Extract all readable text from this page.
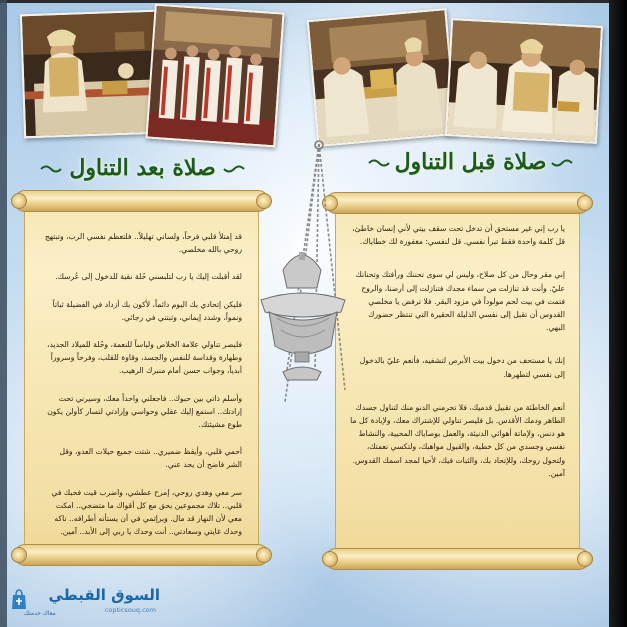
صلاة بعد التناول	صلاة قبل التناول

قد إمتلأ قلبي فرحاً، ولساني تهليلاً.. فلتعظم نفسي الرب، وتبتهج روحي بالله مخلصي.

لقد أقبلت إليك يا رب لتلبسني حُلة نقية للدخول إلى عُرسك.

فليكن إتحادي بك اليوم دائماً، لأكون بك أزداد في الفضيلة ثباتاً ونمواً، وشدد إيماني، وثبتني في رجائي.

فليصر تناولي علامة الخلاص ولباساً للنعمة، وحُلة للميلاد الجديد، وطهارة وقداسة للنفس والجسد، وقاوة للقلب، وفرحاً وسروراً أبدياً، وجواب حسن أمام منبرك الرهيب.

وأسلم ذاتي بين حبوك.. فاجعلني واحداً معك، وسيرني تحت إرادتك.. استمع إليك عقلي وحواسي وإرادتي لتسار كأولن يكون طوع مشيئتك.

أحمي قلبي، وأيقظ ضميري.. شتت جميع حيلات العدو، وقل الشر فاضح أن يحد عني.

سر معي وهدي روحي، إمرح عطشي، واضرب قيت فحبك في قلبي.. تلاك مجموعين بحق مع كل أقواك ما متضجي.. امكت معي لأن النهار قد مال. وبرإتمي في أن يستأنه أطرافه.. ناكه وحدك غايتي وسعادتي.. أنت وحدك يا ربي إلى الأبد.. آمين.

يا رب إني غير مستحق أن تدخل تحت سقف بيتي لأني إنسان خاطئ، قل كلمة واحدة فقط تبرأ نفسي. قل لنفسي: مغفورة لك خطاياك.

إني مقر وحال من كل صلاح، وليس لي سوى تحننك ورأفتك وتحنانك عليّ. وأنت قد تنازلت من سماء مجدك فتنازلت إلى أرضنا، والروح فتمت في بيت لحم مولوداً في مزود البقر. فلا ترفض يا مخلصي القدوس أن تقبل إلى نفسي الذليلة الحقيرة التي تنتظر حضورك البهي.

إنك يا مستحف من دخول بيت الأبرص لتشفيه، فأنعم عليّ بالدخول إلى نفسي لتطهرها.

أنعم الخاطئة من تقبيل قدميك، فلا تحرمني الدنو منك لتناول جسدك الطاهر ودمك الأقدس. بل فليصر تناولي للإشتراك معك، ولإبادة كل ما هو دنس، ولإماتة أهوائي الدنيئة، والعمل بوصاياك المحيية، والنشاط نفسي وجسدي من كل خطية، والقبول مواهبك، ولتكسي نعمتك، ولتحول روحك، وللإتحاد بك، والثبات فيك، لأحيا لمجد اسمك القدوس. آمين.

السوق القبطي
copticsouq.com
معاك خدمتك
